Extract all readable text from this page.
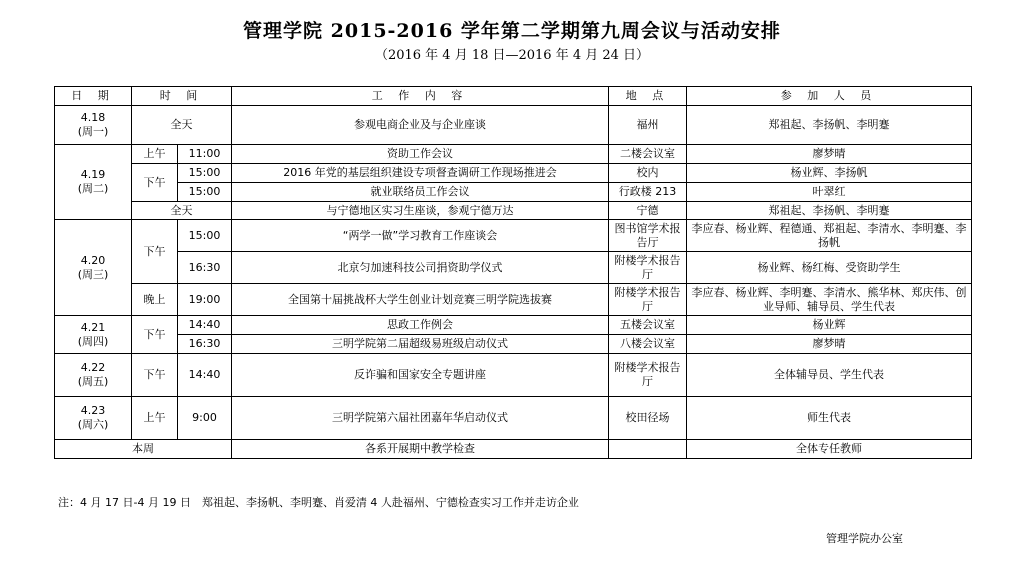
管理学院 2015-2016 学年第二学期第九周会议与活动安排
（2016 年 4 月 18 日—2016 年 4 月 24 日）
日 期	时 间		工 作 内 容	地 点	参 加 人 员

4.18
(周一)	全天		参观电商企业及与企业座谈	福州	郑祖起、李扬帆、李明蹇

4.19
(周二)	上午	11:00	资助工作会议	二楼会议室	廖梦晴
	下午	15:00	2016 年党的基层组织建设专项督查调研工作现场推进会	校内	杨业辉、李扬帆
		15:00	就业联络员工作会议	行政楼 213	叶翠红
	全天		与宁德地区实习生座谈，参观宁德万达	宁德	郑祖起、李扬帆、李明蹇

4.20
(周三)	下午	15:00	“两学一做”学习教育工作座谈会	图书馆学术报告厅	李应春、杨业辉、程德通、郑祖起、李清水、李明蹇、李扬帆
		16:30	北京匀加速科技公司捐资助学仪式	附楼学术报告厅	杨业辉、杨红梅、受资助学生
	晚上	19:00	全国第十届挑战杯大学生创业计划竞赛三明学院选拔赛	附楼学术报告厅	李应春、杨业辉、李明蹇、李清水、熊华林、郑庆伟、创业导师、辅导员、学生代表

4.21
(周四)	下午	14:40	思政工作例会	五楼会议室	杨业辉
		16:30	三明学院第二届超级易班级启动仪式	八楼会议室	廖梦晴

4.22
(周五)	下午	14:40	反诈骗和国家安全专题讲座	附楼学术报告厅	全体辅导员、学生代表

4.23
(周六)	上午	9:00	三明学院第六届社团嘉年华启动仪式	校田径场	师生代表
本周			各系开展期中教学检查		全体专任教师
注：4 月 17 日-4 月 19 日　郑祖起、李扬帆、李明蹇、肖爱清 4 人赴福州、宁德检查实习工作并走访企业
管理学院办公室
